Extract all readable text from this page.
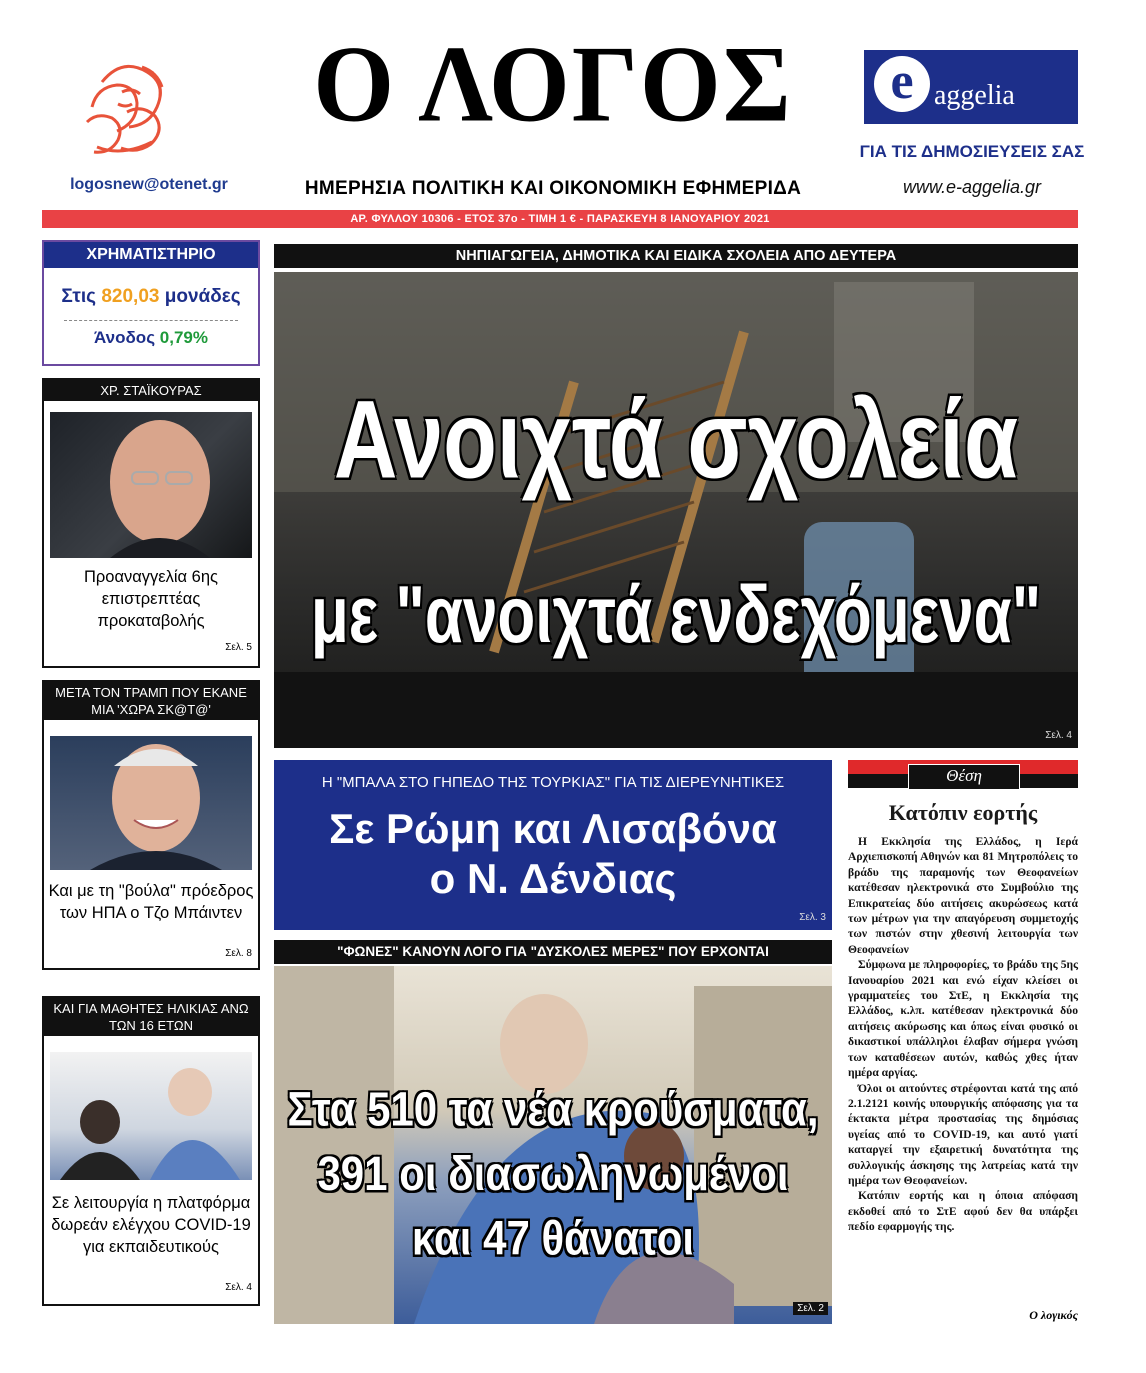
logosnew@otenet.gr
Ο ΛΟΓΟΣ
ΗΜΕΡΗΣΙΑ ΠΟΛΙΤΙΚΗ ΚΑΙ ΟΙΚΟΝΟΜΙΚΗ ΕΦΗΜΕΡΙΔΑ
e aggelia
ΓΙΑ ΤΙΣ ΔΗΜΟΣΙΕΥΣΕΙΣ ΣΑΣ
www.e-aggelia.gr
ΑΡ. ΦΥΛΛΟΥ 10306 - ΕΤΟΣ 37ο - ΤΙΜΗ 1 € - ΠΑΡΑΣΚΕΥΗ 8 ΙΑΝΟΥΑΡΙΟΥ 2021
ΧΡΗΜΑΤΙΣΤΗΡΙΟ
Στις 820,03 μονάδες
Άνοδος 0,79%
ΧΡ. ΣΤΑΪΚΟΥΡΑΣ
Προαναγγελία 6ης επιστρεπτέας προκαταβολής
Σελ. 5
ΜΕΤΑ ΤΟΝ ΤΡΑΜΠ ΠΟΥ ΕΚΑΝΕ ΜΙΑ 'ΧΩΡΑ ΣΚ@Τ@'
Και με τη "βούλα" πρόεδρος των ΗΠΑ ο Τζο Μπάιντεν
Σελ. 8
ΚΑΙ ΓΙΑ ΜΑΘΗΤΕΣ ΗΛΙΚΙΑΣ ΑΝΩ ΤΩΝ 16 ΕΤΩΝ
Σε λειτουργία η πλατφόρμα δωρεάν ελέγχου COVID-19 για εκπαιδευτικούς
Σελ. 4
ΝΗΠΙΑΓΩΓΕΙΑ, ΔΗΜΟΤΙΚΑ ΚΑΙ ΕΙΔΙΚΑ ΣΧΟΛΕΙΑ ΑΠΟ ΔΕΥΤΕΡΑ
Ανοιχτά σχολεία
με "ανοιχτά ενδεχόμενα"
Σελ. 4
Η "ΜΠΑΛΑ ΣΤΟ ΓΗΠΕΔΟ ΤΗΣ ΤΟΥΡΚΙΑΣ" ΓΙΑ ΤΙΣ ΔΙΕΡΕΥΝΗΤΙΚΕΣ
Σε Ρώμη και Λισαβόνα
ο Ν. Δένδιας
Σελ. 3
"ΦΩΝΕΣ" ΚΑΝΟΥΝ ΛΟΓΟ ΓΙΑ "ΔΥΣΚΟΛΕΣ ΜΕΡΕΣ" ΠΟΥ ΕΡΧΟΝΤΑΙ
Στα 510 τα νέα κρούσματα,
391 οι διασωληνωμένοι
και 47 θάνατοι
Σελ. 2
Θέση
Κατόπιν εορτής

Η Εκκλησία της Ελλάδος, η Ιερά Αρχιεπισκοπή Αθηνών και 81 Μητροπόλεις το βράδυ της παραμονής των Θεοφανείων κατέθεσαν ηλεκτρονικά στο Συμβούλιο της Επικρατείας δύο αιτήσεις ακυρώσεως κατά των μέτρων για την απαγόρευση συμμετοχής των πιστών στην χθεσινή λειτουργία των Θεοφανείων

Σύμφωνα με πληροφορίες, το βράδυ της 5ης Ιανουαρίου 2021 και ενώ είχαν κλείσει οι γραμματείες του ΣτΕ, η Εκκλησία της Ελλάδος, κ.λπ. κατέθεσαν ηλεκτρονικά δύο αιτήσεις ακύρωσης και όπως είναι φυσικό οι δικαστικοί υπάλληλοι έλαβαν σήμερα γνώση των καταθέσεων αυτών, καθώς χθες ήταν ημέρα αργίας.

Όλοι οι αιτούντες στρέφονται κατά της από 2.1.2121 κοινής υπουργικής απόφασης για τα έκτακτα μέτρα προστασίας της δημόσιας υγείας από το COVID-19, και αυτό γιατί καταργεί την εξαιρετική δυνατότητα της συλλογικής άσκησης της λατρείας κατά την ημέρα των Θεοφανείων.

Κατόπιν εορτής και η όποια απόφαση εκδοθεί από το ΣτΕ αφού δεν θα υπάρξει πεδίο εφαρμογής της.

Ο λογικός
